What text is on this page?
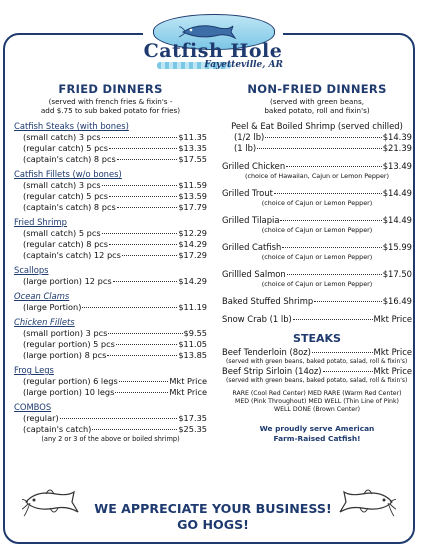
Catfish Hole
Fayetteville, AR
FRIED DINNERS
(served with french fries & fixin's -
add $.75 to sub baked potato for fries)
Catfish Steaks (with bones)
(small catch) 3 pcs	$11.35
(regular catch) 5 pcs	$13.35
(captain's catch) 8 pcs	$17.55
Catfish Fillets (w/o bones)
(small catch) 3 pcs	$11.59
(regular catch) 5 pcs	$13.59
(captain's catch) 8 pcs	$17.79
Fried Shrimp
(small catch) 5 pcs	$12.29
(regular catch) 8 pcs	$14.29
(captain's catch) 12 pcs	$17.29
Scallops
(large portion) 12 pcs	$14.29
Ocean Clams
(large Portion)	$11.19
Chicken Fillets
(small portion) 3 pcs	$9.55
(regular portion) 5 pcs	$11.05
(large portion) 8 pcs	$13.85
Frog Legs
(regular portion) 6 legs	Mkt Price
(large portion) 10 legs	Mkt Price
COMBOS
(regular)	$17.35
(captain's catch)	$25.35
(any 2 or 3 of the above or boiled shrimp)
NON-FRIED DINNERS
(served with green beans,
baked potato, roll and fixin's)
Peel & Eat Boiled Shrimp (served chilled)
(1/2 lb)	$14.39
(1 lb)	$21.39
Grilled Chicken	$13.49
(choice of Hawaiian, Cajun or Lemon Pepper)
Grilled Trout	$14.49
(choice of Cajun or Lemon Pepper)
Grilled Tilapia	$14.49
(choice of Cajun or Lemon Pepper)
Grilled Catfish	$15.99
(choice of Cajun or Lemon Pepper)
Grillled Salmon	$17.50
(choice of Cajun or Lemon Pepper)
Baked Stuffed Shrimp	$16.49
Snow Crab (1 lb)	Mkt Price
STEAKS
Beef Tenderloin (8oz)	Mkt Price
(served with green beans, baked potato, salad, roll & fixin's)
Beef Strip Sirloin (14oz)	Mkt Price
(served with green beans, baked potato, salad, roll & fixin's)
RARE (Cool Red Center) MED RARE (Warm Red Center)
MED (Pink Throughout) MED WELL (Thin Line of Pink)
WELL DONE (Brown Center)
We proudly serve American
Farm-Raised Catfish!
WE APPRECIATE YOUR BUSINESS!
GO HOGS!
